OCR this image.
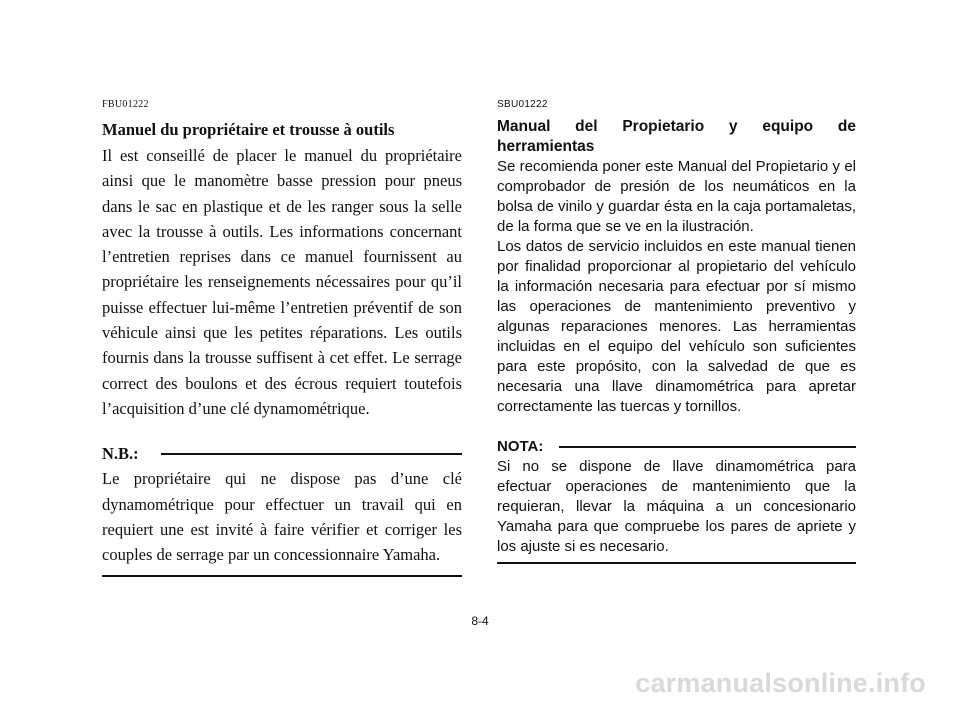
FBU01222
Manuel du propriétaire et trousse à outils

Il est conseillé de placer le manuel du propriétaire ainsi que le manomètre basse pression pour pneus dans le sac en plastique et de les ranger sous la selle avec la trousse à outils. Les informations concernant l’entretien reprises dans ce manuel fournissent au propriétaire les renseignements nécessaires pour qu’il puisse effectuer lui-même l’entretien préventif de son véhicule ainsi que les petites réparations. Les outils fournis dans la trousse suffisent à cet effet. Le serrage correct des boulons et des écrous requiert toutefois l’acquisition d’une clé dynamométrique.

N.B.:

Le propriétaire qui ne dispose pas d’une clé dynamométrique pour effectuer un travail qui en requiert une est invité à faire vérifier et corriger les couples de serrage par un concessionnaire Yamaha.

SBU01222
Manual del Propietario y equipo de
herramientas

Se recomienda poner este Manual del Propietario y el comprobador de presión de los neumáticos en la bolsa de vinilo y guardar ésta en la caja portamaletas, de la forma que se ve en la ilustración.

Los datos de servicio incluidos en este manual tienen por finalidad proporcionar al propietario del vehículo la información necesaria para efectuar por sí mismo las operaciones de mantenimiento preventivo y algunas reparaciones menores. Las herramientas incluidas en el equipo del vehículo son suficientes para este propósito, con la salvedad de que es necesaria una llave dinamométrica para apretar correctamente las tuercas y tornillos.

NOTA:

Si no se dispone de llave dinamométrica para efectuar operaciones de mantenimiento que la requieran, llevar la máquina a un concesionario Yamaha para que compruebe los pares de apriete y los ajuste si es necesario.

8-4
carmanualsonline.info
